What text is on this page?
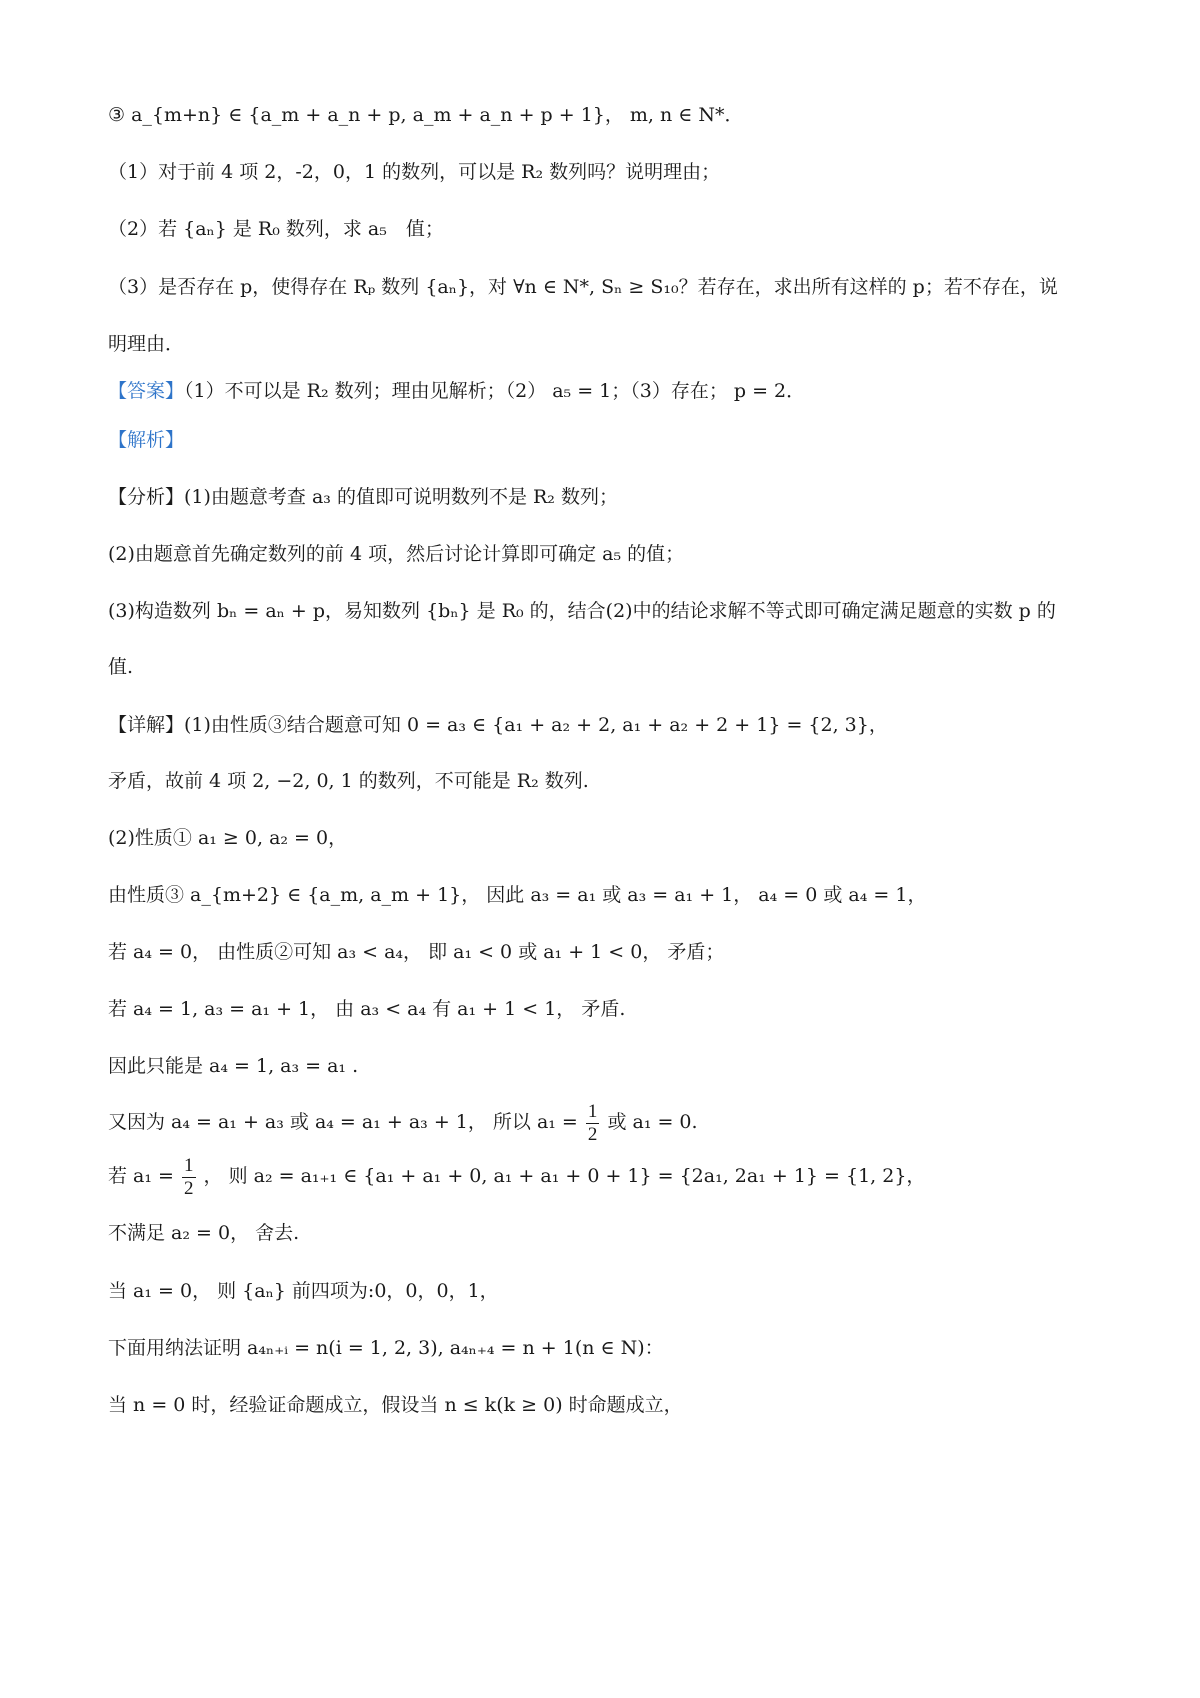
③ a_{m+n} ∈ {a_m + a_n + p, a_m + a_n + p + 1}， m, n ∈ N*．
（1）对于前 4 项 2，-2，0，1 的数列，可以是 R₂ 数列吗？说明理由；
（2）若 {aₙ} 是 R₀ 数列，求 a₅　值；
（3）是否存在 p，使得存在 Rₚ 数列 {aₙ}，对 ∀n ∈ N*, Sₙ ≥ S₁₀？若存在，求出所有这样的 p；若不存在，说
明理由．
【答案】（1）不可以是 R₂ 数列；理由见解析；（2） a₅ = 1；（3）存在； p = 2．
【解析】
【分析】(1)由题意考查 a₃ 的值即可说明数列不是 R₂ 数列；
(2)由题意首先确定数列的前 4 项，然后讨论计算即可确定 a₅ 的值；
(3)构造数列 bₙ = aₙ + p，易知数列 {bₙ} 是 R₀ 的，结合(2)中的结论求解不等式即可确定满足题意的实数 p 的
值.
【详解】(1)由性质③结合题意可知 0 = a₃ ∈ {a₁ + a₂ + 2, a₁ + a₂ + 2 + 1} = {2, 3}，
矛盾，故前 4 项 2, −2, 0, 1 的数列，不可能是 R₂ 数列.
(2)性质① a₁ ≥ 0, a₂ = 0，
由性质③ a_{m+2} ∈ {a_m, a_m + 1}， 因此 a₃ = a₁ 或 a₃ = a₁ + 1， a₄ = 0 或 a₄ = 1，
若 a₄ = 0， 由性质②可知 a₃ < a₄， 即 a₁ < 0 或 a₁ + 1 < 0， 矛盾；
若 a₄ = 1, a₃ = a₁ + 1， 由 a₃ < a₄ 有 a₁ + 1 < 1， 矛盾.
因此只能是 a₄ = 1, a₃ = a₁ .
又因为 a₄ = a₁ + a₃ 或 a₄ = a₁ + a₃ + 1， 所以 $a_1 = \frac{1}{2}$ 或 a₁ = 0.
若 $a_1 = \frac{1}{2}$ ， 则 a₂ = a₁₊₁ ∈ {a₁ + a₁ + 0, a₁ + a₁ + 0 + 1} = {2a₁, 2a₁ + 1} = {1, 2}，
不满足 a₂ = 0， 舍去.
当 a₁ = 0， 则 {aₙ} 前四项为:0，0，0，1，
下面用纳法证明 a₄ₙ₊ᵢ = n(i = 1, 2, 3), a₄ₙ₊₄ = n + 1(n ∈ N)：
当 n = 0 时，经验证命题成立，假设当 n ≤ k(k ≥ 0) 时命题成立，
